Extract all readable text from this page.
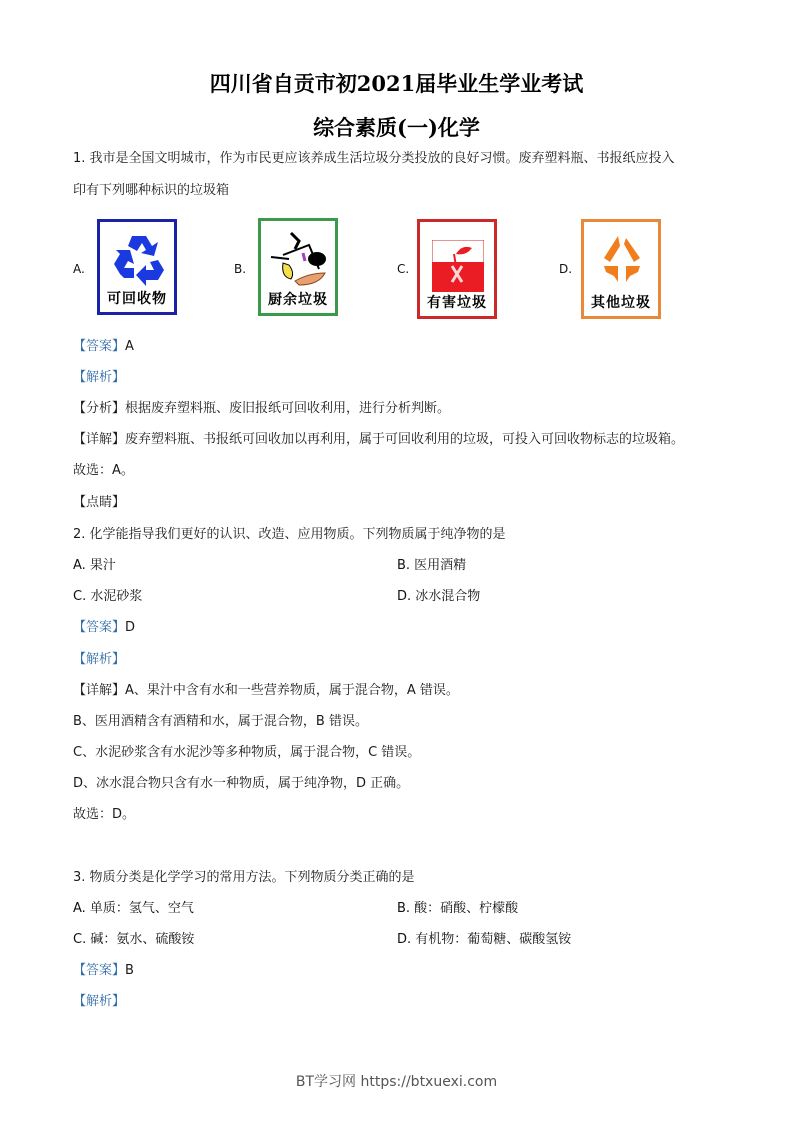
四川省自贡市初2021届毕业生学业考试
综合素质(一)化学
1. 我市是全国文明城市，作为市民更应该养成生活垃圾分类投放的良好习惯。废弃塑料瓶、书报纸应投入
印有下列哪种标识的垃圾箱
A.
可回收物
B.
厨余垃圾
C.
有害垃圾
D.
其他垃圾
【答案】A
【解析】
【分析】根据废弃塑料瓶、废旧报纸可回收利用，进行分析判断。
【详解】废弃塑料瓶、书报纸可回收加以再利用，属于可回收利用的垃圾，可投入可回收物标志的垃圾箱。
故选：A。
【点睛】
2. 化学能指导我们更好的认识、改造、应用物质。下列物质属于纯净物的是
A. 果汁	B. 医用酒精
C. 水泥砂浆	D. 冰水混合物
【答案】D
【解析】
【详解】A、果汁中含有水和一些营养物质，属于混合物，A 错误。
B、医用酒精含有酒精和水，属于混合物，B 错误。
C、水泥砂浆含有水泥沙等多种物质，属于混合物，C 错误。
D、冰水混合物只含有水一种物质，属于纯净物，D 正确。
故选：D。
3. 物质分类是化学学习的常用方法。下列物质分类正确的是
A. 单质：氢气、空气	B. 酸：硝酸、柠檬酸
C. 碱：氨水、硫酸铵	D. 有机物：葡萄糖、碳酸氢铵
【答案】B
【解析】
BT学习网 https://btxuexi.com
